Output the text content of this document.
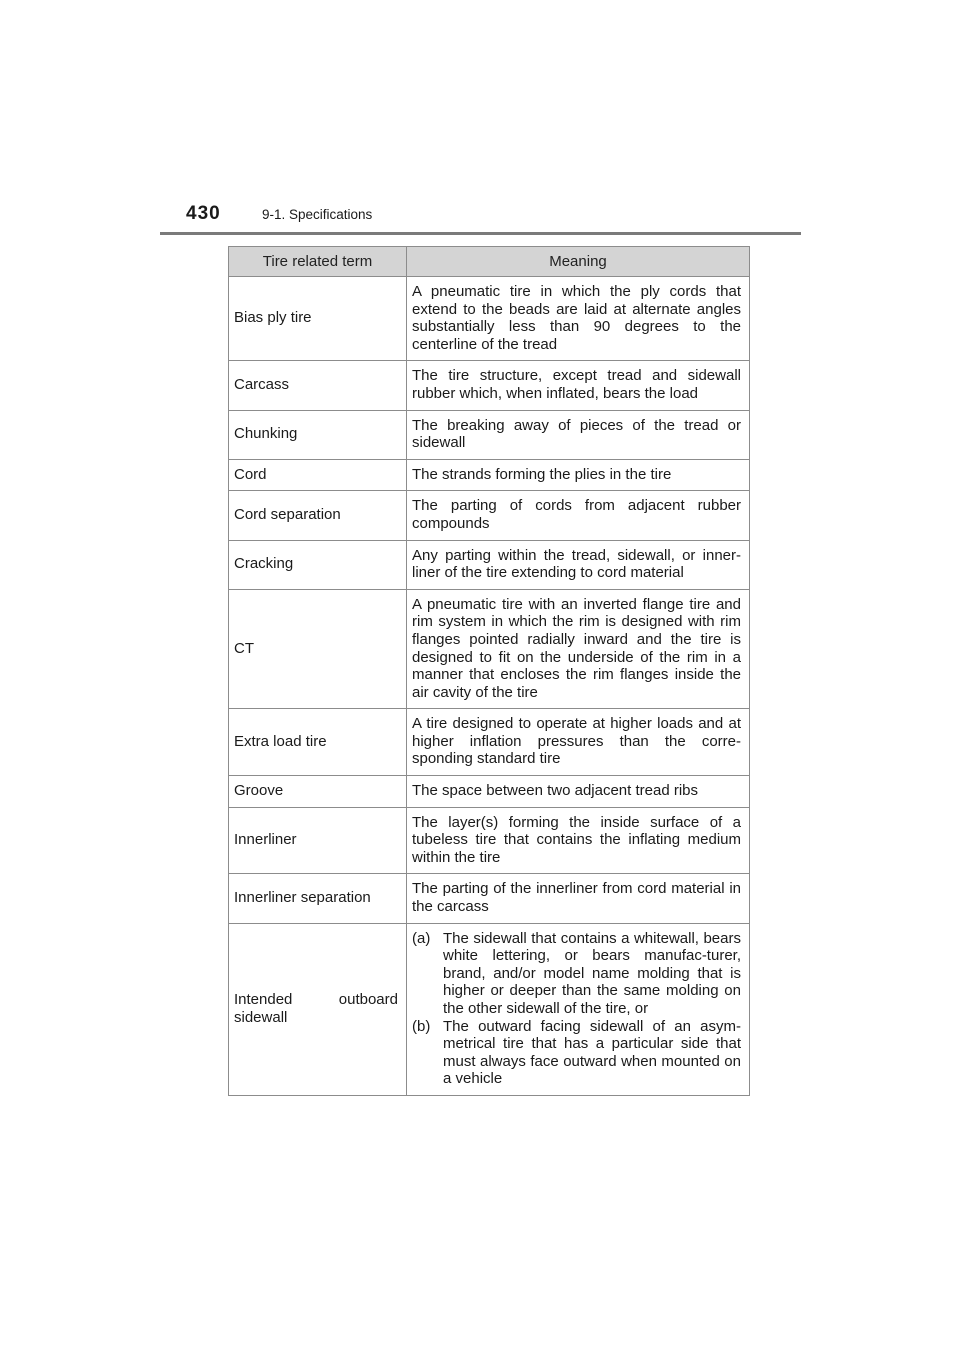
430	9-1. Specifications
Tire related term	Meaning
Bias ply tire	A pneumatic tire in which the ply cords that extend to the beads are laid at alternate angles substantially less than 90 degrees to the centerline of the tread
Carcass	The tire structure, except tread and sidewall rubber which, when inflated, bears the load
Chunking	The breaking away of pieces of the tread or sidewall
Cord	The strands forming the plies in the tire
Cord separation	The parting of cords from adjacent rubber compounds
Cracking	Any parting within the tread, sidewall, or inner-liner of the tire extending to cord material
CT	A pneumatic tire with an inverted flange tire and rim system in which the rim is designed with rim flanges pointed radially inward and the tire is designed to fit on the underside of the rim in a manner that encloses the rim flanges inside the air cavity of the tire
Extra load tire	A tire designed to operate at higher loads and at higher inflation pressures than the corre-sponding standard tire
Groove	The space between two adjacent tread ribs
Innerliner	The layer(s) forming the inside surface of a tubeless tire that contains the inflating medium within the tire
Innerliner separation	The parting of the innerliner from cord material in the carcass
Intended outboard sidewall	(a) The sidewall that contains a whitewall, bears white lettering, or bears manufac-turer, brand, and/or model name molding that is higher or deeper than the same molding on the other sidewall of the tire, or
(b) The outward facing sidewall of an asym-metrical tire that has a particular side that must always face outward when mounted on a vehicle
